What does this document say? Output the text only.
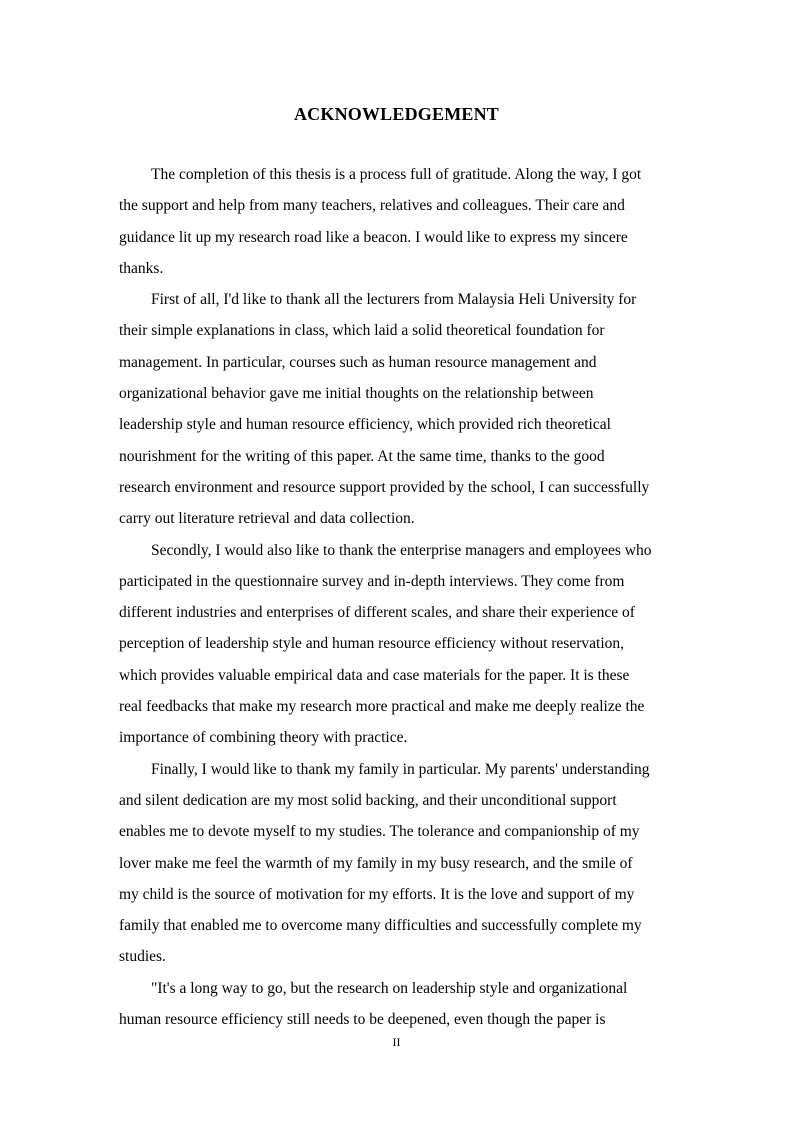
ACKNOWLEDGEMENT
The completion of this thesis is a process full of gratitude. Along the way, I got
the support and help from many teachers, relatives and colleagues. Their care and
guidance lit up my research road like a beacon. I would like to express my sincere
thanks.
First of all, I'd like to thank all the lecturers from Malaysia Heli University for
their simple explanations in class, which laid a solid theoretical foundation for
management. In particular, courses such as human resource management and
organizational behavior gave me initial thoughts on the relationship between
leadership style and human resource efficiency, which provided rich theoretical
nourishment for the writing of this paper. At the same time, thanks to the good
research environment and resource support provided by the school, I can successfully
carry out literature retrieval and data collection.
Secondly, I would also like to thank the enterprise managers and employees who
participated in the questionnaire survey and in-depth interviews. They come from
different industries and enterprises of different scales, and share their experience of
perception of leadership style and human resource efficiency without reservation,
which provides valuable empirical data and case materials for the paper. It is these
real feedbacks that make my research more practical and make me deeply realize the
importance of combining theory with practice.
Finally, I would like to thank my family in particular. My parents' understanding
and silent dedication are my most solid backing, and their unconditional support
enables me to devote myself to my studies. The tolerance and companionship of my
lover make me feel the warmth of my family in my busy research, and the smile of
my child is the source of motivation for my efforts. It is the love and support of my
family that enabled me to overcome many difficulties and successfully complete my
studies.
"It's a long way to go, but the research on leadership style and organizational
human resource efficiency still needs to be deepened, even though the paper is

II
